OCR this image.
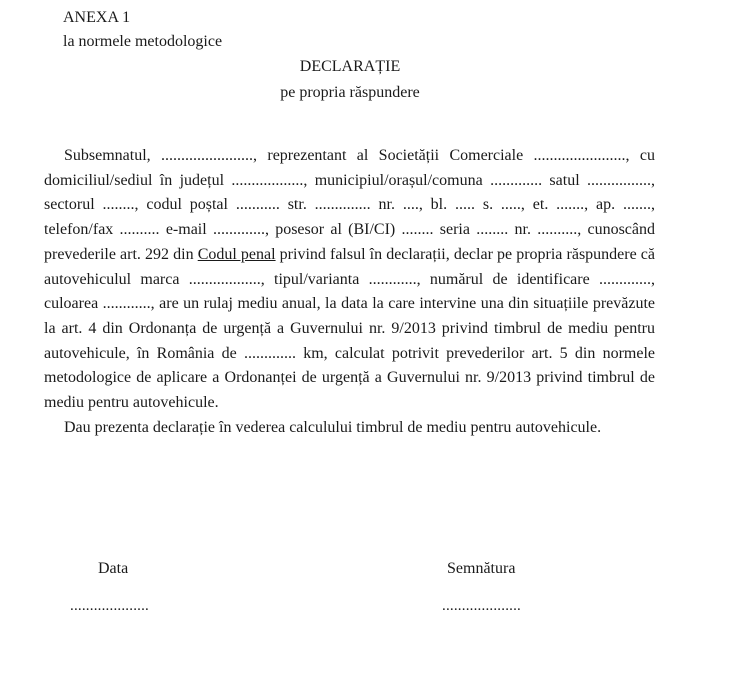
ANEXA 1
la normele metodologice
DECLARAȚIE
pe propria răspundere

Subsemnatul, ......................., reprezentant al Societății Comerciale ......................., cu domiciliul/sediul în județul .................., municipiul/orașul/comuna ............. satul ................, sectorul ........, codul poștal ........... str. .............. nr. ...., bl. ..... s. ....., et. ......., ap. ......., telefon/fax .......... e-mail ............., posesor al (BI/CI) ........ seria ........ nr. .........., cunoscând prevederile art. 292 din Codul penal privind falsul în declarații, declar pe propria răspundere că autovehiculul marca .................., tipul/varianta ............, numărul de identificare ............., culoarea ............, are un rulaj mediu anual, la data la care intervine una din situațiile prevăzute la art. 4 din Ordonanța de urgență a Guvernului nr. 9/2013 privind timbrul de mediu pentru autovehicule, în România de ............. km, calculat potrivit prevederilor art. 5 din normele metodologice de aplicare a Ordonanței de urgență a Guvernului nr. 9/2013 privind timbrul de mediu pentru autovehicule.

Dau prezenta declarație în vederea calculului timbrul de mediu pentru autovehicule.

Data	Semnătura
....................	....................
